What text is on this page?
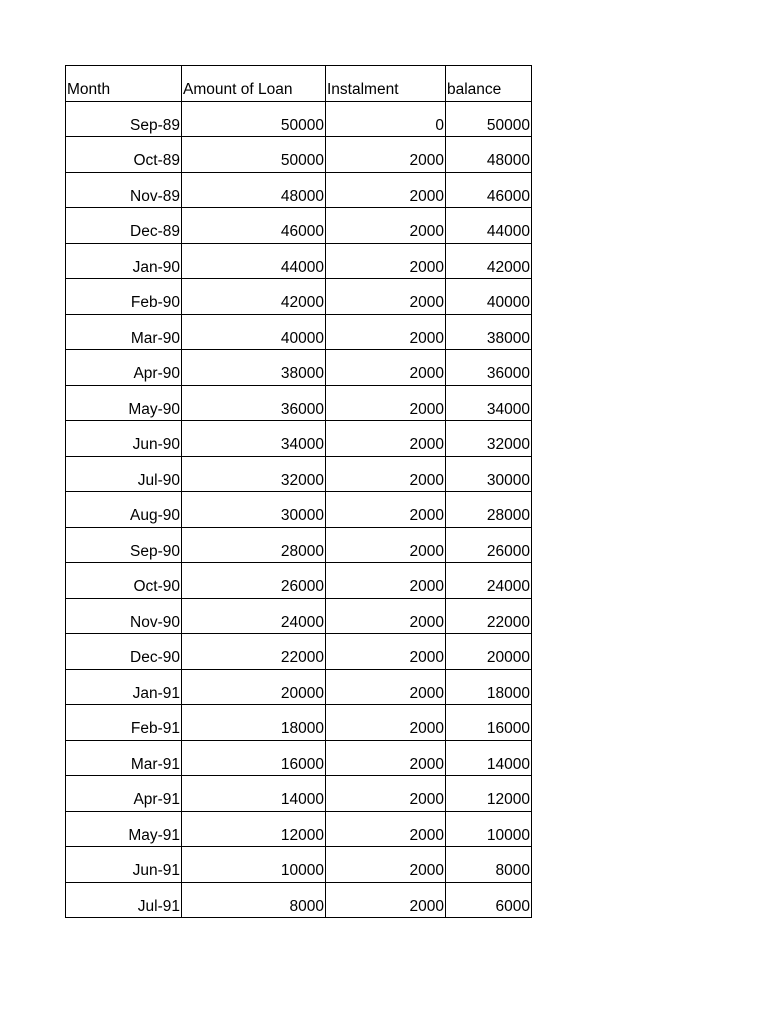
Month	Amount of Loan	Instalment	balance
Sep-89	50000	0	50000
Oct-89	50000	2000	48000
Nov-89	48000	2000	46000
Dec-89	46000	2000	44000
Jan-90	44000	2000	42000
Feb-90	42000	2000	40000
Mar-90	40000	2000	38000
Apr-90	38000	2000	36000
May-90	36000	2000	34000
Jun-90	34000	2000	32000
Jul-90	32000	2000	30000
Aug-90	30000	2000	28000
Sep-90	28000	2000	26000
Oct-90	26000	2000	24000
Nov-90	24000	2000	22000
Dec-90	22000	2000	20000
Jan-91	20000	2000	18000
Feb-91	18000	2000	16000
Mar-91	16000	2000	14000
Apr-91	14000	2000	12000
May-91	12000	2000	10000
Jun-91	10000	2000	8000
Jul-91	8000	2000	6000
